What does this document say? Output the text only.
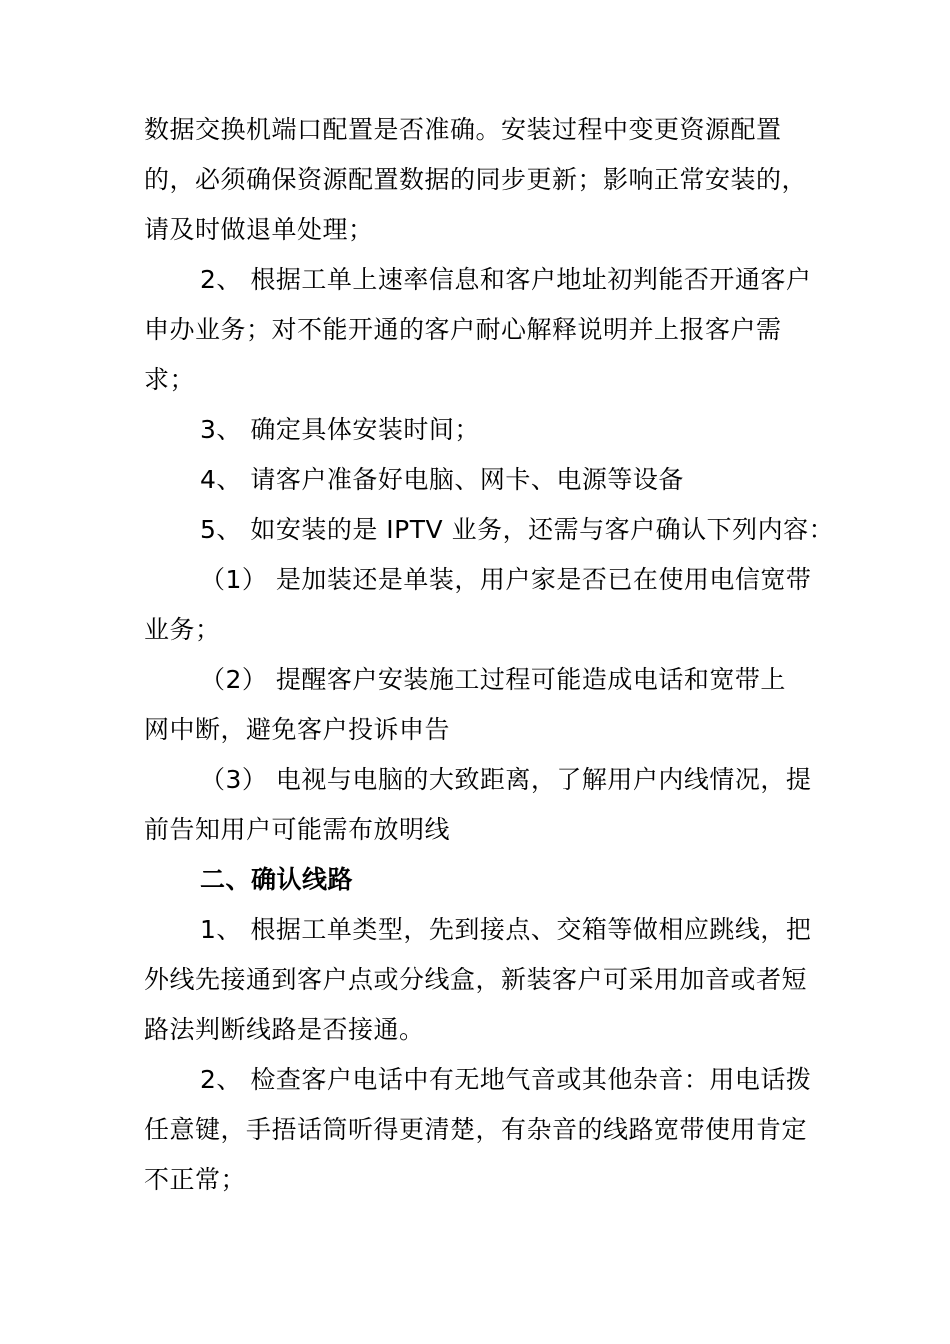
数据交换机端口配置是否准确。安装过程中变更资源配置
的，必须确保资源配置数据的同步更新；影响正常安装的，
请及时做退单处理；
2、 根据工单上速率信息和客户地址初判能否开通客户
申办业务；对不能开通的客户耐心解释说明并上报客户需
求；
3、 确定具体安装时间；
4、 请客户准备好电脑、网卡、电源等设备
5、 如安装的是 IPTV 业务，还需与客户确认下列内容：
（1） 是加装还是单装，用户家是否已在使用电信宽带
业务；
（2） 提醒客户安装施工过程可能造成电话和宽带上
网中断，避免客户投诉申告
（3） 电视与电脑的大致距离，了解用户内线情况，提
前告知用户可能需布放明线
二、确认线路
1、 根据工单类型，先到接点、交箱等做相应跳线，把
外线先接通到客户点或分线盒，新装客户可采用加音或者短
路法判断线路是否接通。
2、 检查客户电话中有无地气音或其他杂音：用电话拨
任意键，手捂话筒听得更清楚，有杂音的线路宽带使用肯定
不正常；
